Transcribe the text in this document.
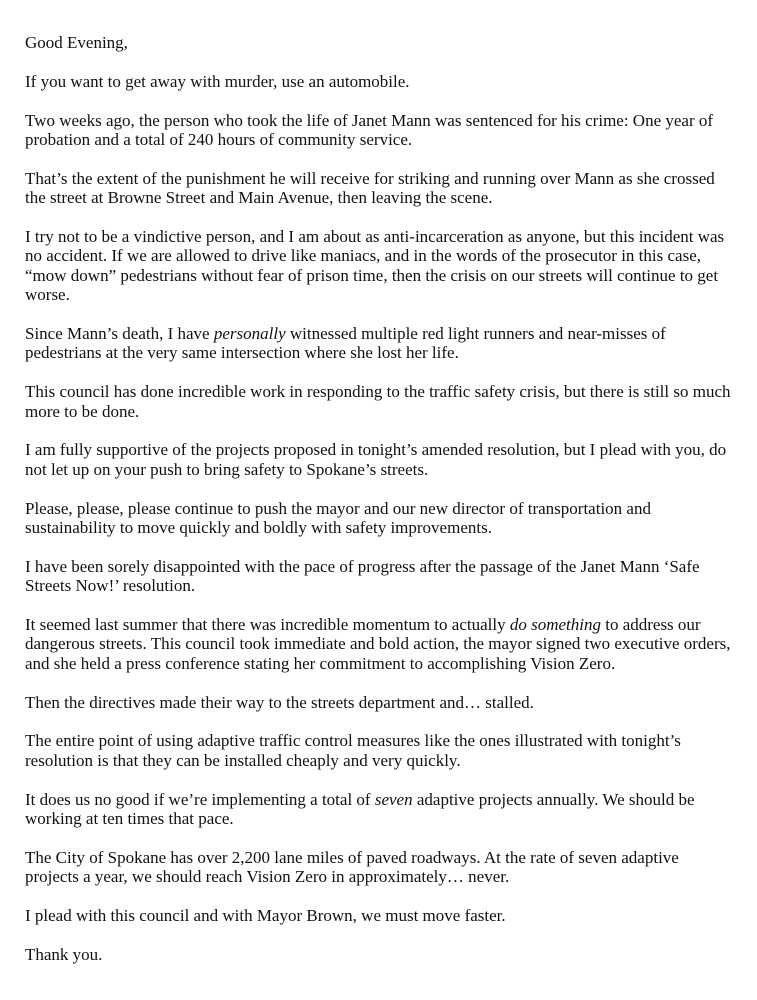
Good Evening,

If you want to get away with murder, use an automobile.

Two weeks ago, the person who took the life of Janet Mann was sentenced for his crime: One year of
probation and a total of 240 hours of community service.

That’s the extent of the punishment he will receive for striking and running over Mann as she crossed
the street at Browne Street and Main Avenue, then leaving the scene.

I try not to be a vindictive person, and I am about as anti-incarceration as anyone, but this incident was
no accident. If we are allowed to drive like maniacs, and in the words of the prosecutor in this case,
“mow down” pedestrians without fear of prison time, then the crisis on our streets will continue to get
worse.

Since Mann’s death, I have personally witnessed multiple red light runners and near-misses of
pedestrians at the very same intersection where she lost her life.

This council has done incredible work in responding to the traffic safety crisis, but there is still so much
more to be done.

I am fully supportive of the projects proposed in tonight’s amended resolution, but I plead with you, do
not let up on your push to bring safety to Spokane’s streets.

Please, please, please continue to push the mayor and our new director of transportation and
sustainability to move quickly and boldly with safety improvements.

I have been sorely disappointed with the pace of progress after the passage of the Janet Mann ‘Safe
Streets Now!’ resolution.

It seemed last summer that there was incredible momentum to actually do something to address our
dangerous streets. This council took immediate and bold action, the mayor signed two executive orders,
and she held a press conference stating her commitment to accomplishing Vision Zero.

Then the directives made their way to the streets department and… stalled.

The entire point of using adaptive traffic control measures like the ones illustrated with tonight’s
resolution is that they can be installed cheaply and very quickly.

It does us no good if we’re implementing a total of seven adaptive projects annually. We should be
working at ten times that pace.

The City of Spokane has over 2,200 lane miles of paved roadways. At the rate of seven adaptive
projects a year, we should reach Vision Zero in approximately… never.

I plead with this council and with Mayor Brown, we must move faster.

Thank you.
